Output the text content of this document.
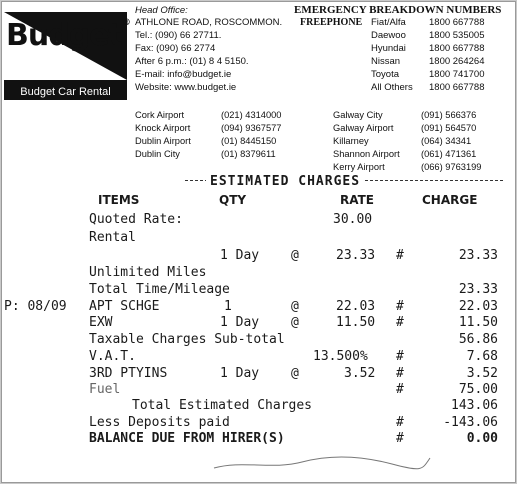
Budget®
Budget Car Rental
Head Office:
ATHLONE ROAD, ROSCOMMON.
Tel.: (090) 66 27711.
Fax: (090) 66 2774
After 6 p.m.: (01) 8 4 5150.
E-mail: info@budget.ie
Website: www.budget.ie
EMERGENCY BREAKDOWN NUMBERS
FREEPHONE Fiat/Alfa 1800 667788
Daewoo 1800 535005
Hyundai 1800 667788
Nissan	1800 264264
Toyota	1800 741700
All Others 1800 667788
Cork Airport	(021) 4314000	Galway City	(091) 566376
Knock Airport	(094) 9367577	Galway Airport	(091) 564570
Dublin Airport	(01) 8445150	Killarney	(064) 34341
Dublin City	(01) 8379611	Shannon Airport (061) 471361
Kerry Airport	(066) 9763199
ESTIMATED CHARGES
ITEMS	QTY	RATE	CHARGE
Quoted Rate:	30.00
Rental
1 Day @	23.33 #	23.33
Unlimited Miles
Total Time/Mileage	23.33
P: 08/09 APT SCHGE	1	@	22.03 #	22.03
EXW	1 Day @	11.50 #	11.50
Taxable Charges Sub-total	56.86
V.A.T.	13.500% #	7.68
3RD PTYINS	1 Day @	3.52 #	3.52
Fuel	#	75.00
Total Estimated Charges	143.06
Less Deposits paid	#	-143.06
BALANCE DUE FROM HIRER(S)	#	0.00
